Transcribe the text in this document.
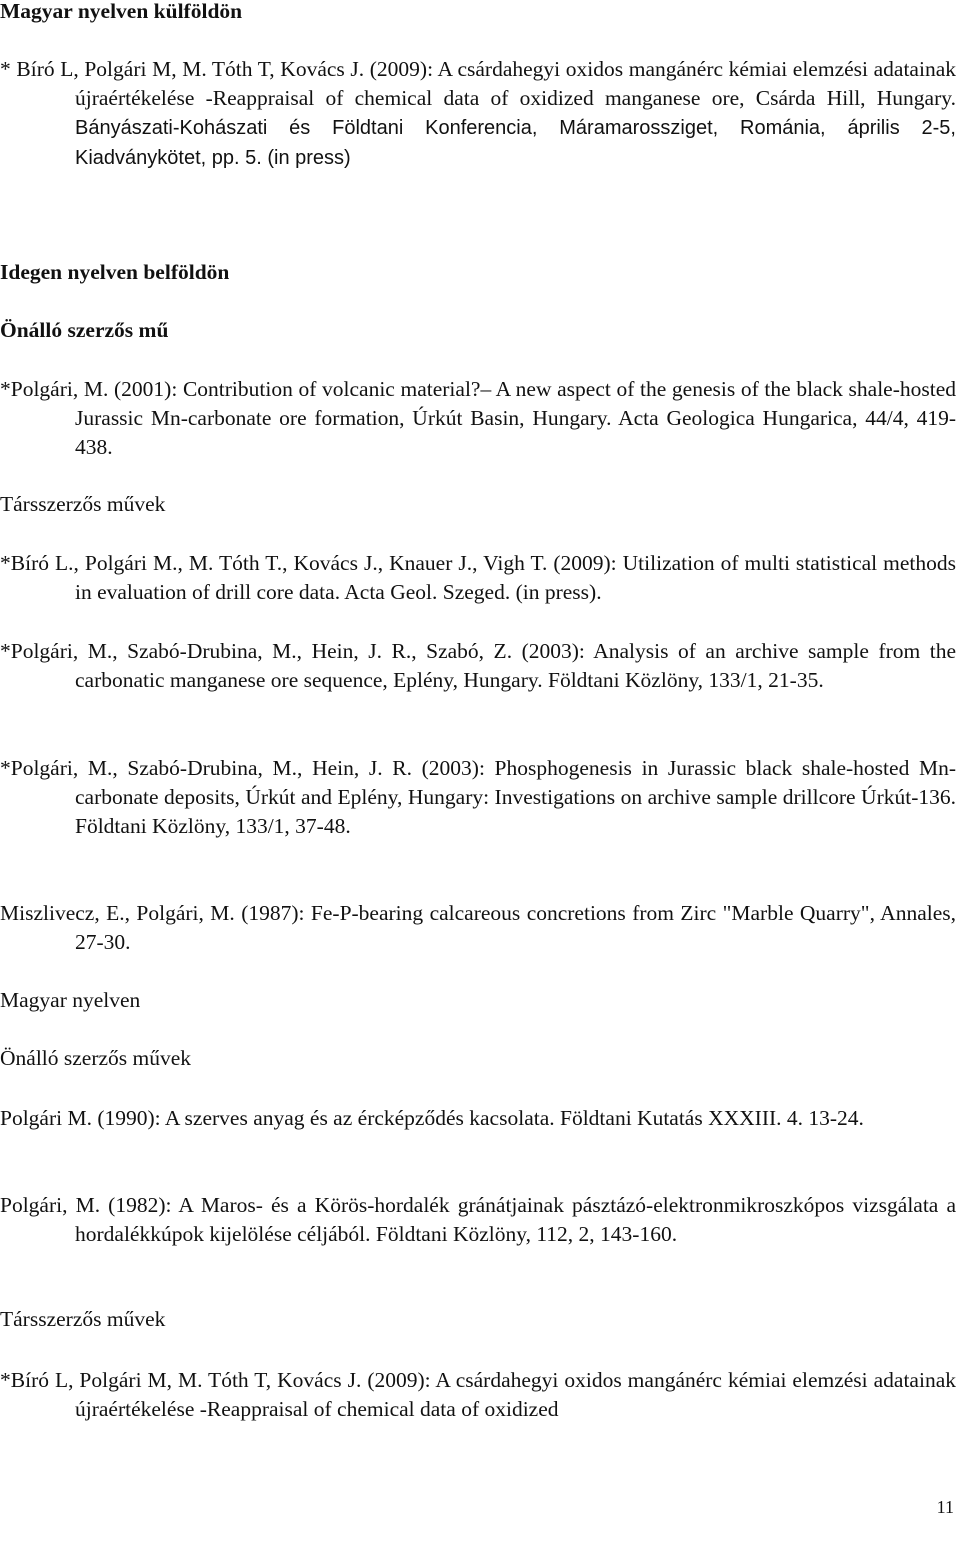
Magyar nyelven külföldön
* Bíró L, Polgári M, M. Tóth T, Kovács J. (2009): A csárdahegyi oxidos mangánérc kémiai elemzési adatainak újraértékelése -Reappraisal of chemical data of oxidized manganese ore, Csárda Hill, Hungary. Bányászati-Kohászati és Földtani Konferencia, Máramarossziget, Románia, április 2-5, Kiadványkötet, pp. 5. (in press)
Idegen nyelven belföldön
Önálló szerzős mű
*Polgári, M. (2001): Contribution of volcanic material?– A new aspect of the genesis of the black shale-hosted Jurassic Mn-carbonate ore formation, Úrkút Basin, Hungary. Acta Geologica Hungarica, 44/4, 419-438.
Társszerzős művek
*Bíró L., Polgári M., M. Tóth T., Kovács J., Knauer J., Vigh T. (2009): Utilization of multi statistical methods in evaluation of drill core data. Acta Geol. Szeged. (in press).
*Polgári, M., Szabó-Drubina, M., Hein, J. R., Szabó, Z. (2003): Analysis of an archive sample from the carbonatic manganese ore sequence, Eplény, Hungary. Földtani Közlöny, 133/1, 21-35.
*Polgári, M., Szabó-Drubina, M., Hein, J. R. (2003): Phosphogenesis in Jurassic black shale-hosted Mn-carbonate deposits, Úrkút and Eplény, Hungary: Investigations on archive sample drillcore Úrkút-136. Földtani Közlöny, 133/1, 37-48.
Miszlivecz, E., Polgári, M. (1987): Fe-P-bearing calcareous concretions from Zirc "Marble Quarry", Annales, 27-30.
Magyar nyelven
Önálló szerzős művek
Polgári M. (1990): A szerves anyag és az ércképződés kacsolata. Földtani Kutatás XXXIII. 4. 13-24.
Polgári, M. (1982): A Maros- és a Körös-hordalék gránátjainak pásztázó-elektronmikroszkópos vizsgálata a hordalékkúpok kijelölése céljából. Földtani Közlöny, 112, 2, 143-160.
Társszerzős művek
*Bíró L, Polgári M, M. Tóth T, Kovács J. (2009): A csárdahegyi oxidos mangánérc kémiai elemzési adatainak újraértékelése -Reappraisal of chemical data of oxidized
11
